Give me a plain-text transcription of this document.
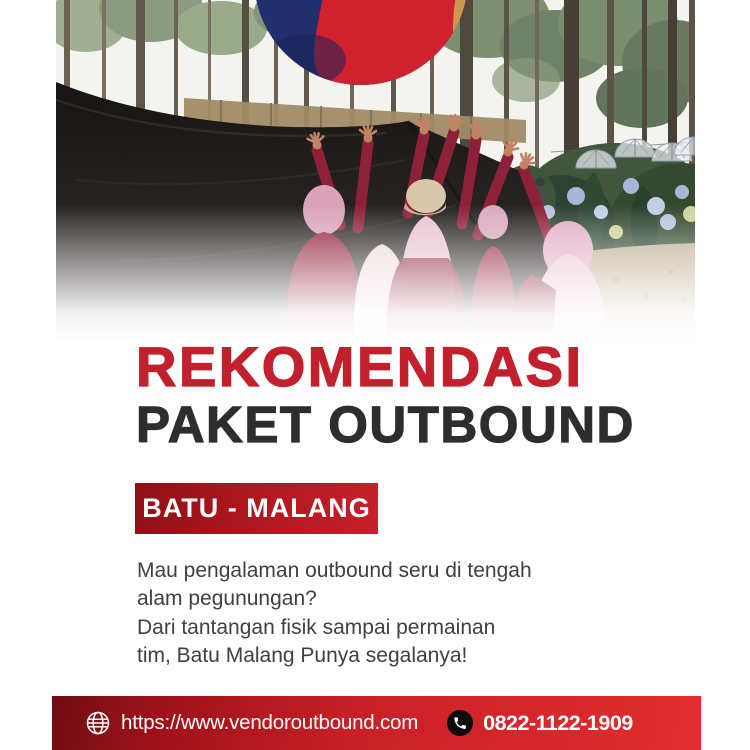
REKOMENDASI
PAKET OUTBOUND
BATU - MALANG
Mau pengalaman outbound seru di tengah
alam pegunungan?
Dari tantangan fisik sampai permainan
tim, Batu Malang Punya segalanya!
https://www.vendoroutbound.com	0822-1122-1909
